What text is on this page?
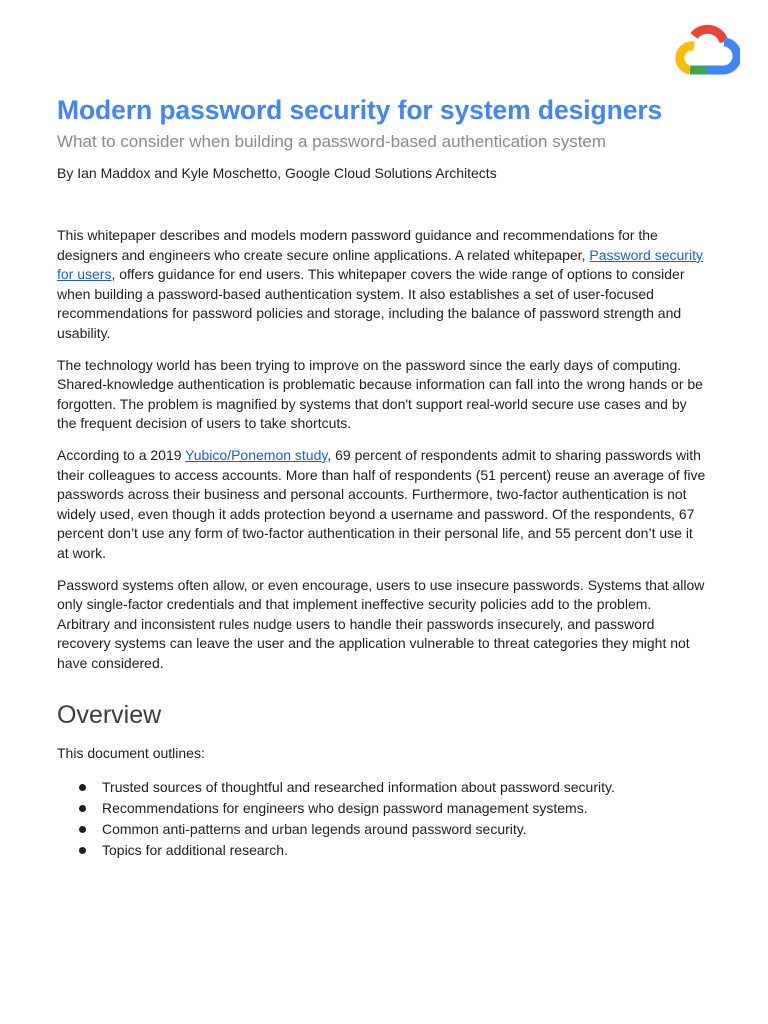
Modern password security for system designers

What to consider when building a password-based authentication system

By Ian Maddox and Kyle Moschetto, Google Cloud Solutions Architects

This whitepaper describes and models modern password guidance and recommendations for the designers and engineers who create secure online applications. A related whitepaper, Password security for users, offers guidance for end users. This whitepaper covers the wide range of options to consider when building a password-based authentication system. It also establishes a set of user-focused recommendations for password policies and storage, including the balance of password strength and usability.

The technology world has been trying to improve on the password since the early days of computing. Shared-knowledge authentication is problematic because information can fall into the wrong hands or be forgotten. The problem is magnified by systems that don't support real-world secure use cases and by the frequent decision of users to take shortcuts.

According to a 2019 Yubico/Ponemon study, 69 percent of respondents admit to sharing passwords with their colleagues to access accounts. More than half of respondents (51 percent) reuse an average of five passwords across their business and personal accounts. Furthermore, two-factor authentication is not widely used, even though it adds protection beyond a username and password. Of the respondents, 67 percent don’t use any form of two-factor authentication in their personal life, and 55 percent don’t use it at work.

Password systems often allow, or even encourage, users to use insecure passwords. Systems that allow only single-factor credentials and that implement ineffective security policies add to the problem. Arbitrary and inconsistent rules nudge users to handle their passwords insecurely, and password recovery systems can leave the user and the application vulnerable to threat categories they might not have considered.

Overview

This document outlines:

Trusted sources of thoughtful and researched information about password security.
Recommendations for engineers who design password management systems.
Common anti-patterns and urban legends around password security.
Topics for additional research.
